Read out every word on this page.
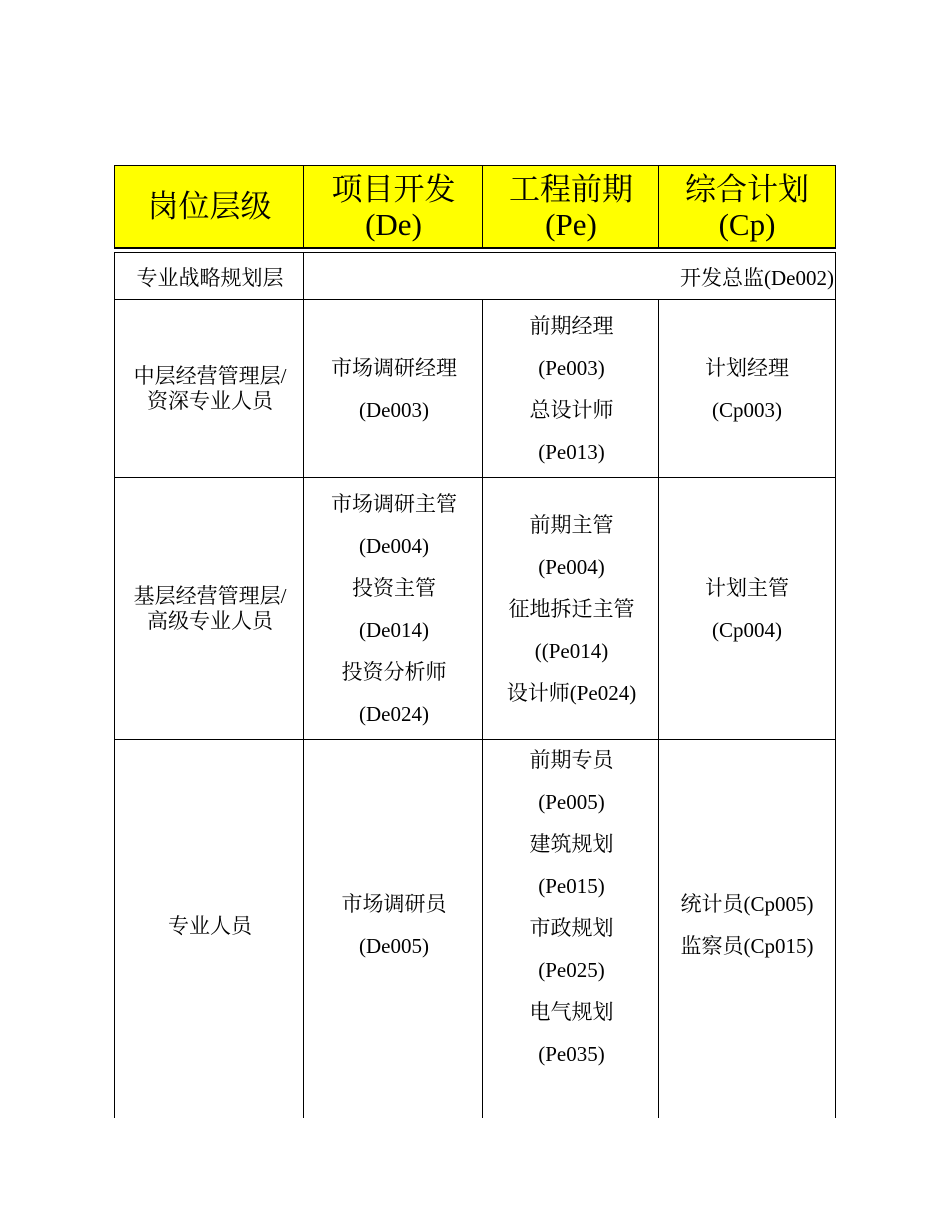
岗位层级 项目开发
(De)
工程前期
(Pe)
综合计划
(Cp)
专业战略规划层	开发总监(De002)
中层经营管理层/
资深专业人员
市场调研经理
(De003)
前期经理
(Pe003)
总设计师
(Pe013)
计划经理
(Cp003)
基层经营管理层/
高级专业人员
市场调研主管
(De004)
投资主管
(De014)
投资分析师
(De024)
前期主管
(Pe004)
征地拆迁主管
((Pe014)
设计师(Pe024)
计划主管
(Cp004)
专业人员
市场调研员
(De005)
前期专员
(Pe005)
建筑规划
(Pe015)
市政规划
(Pe025)
电气规划
(Pe035)
统计员(Cp005)
监察员(Cp015)
